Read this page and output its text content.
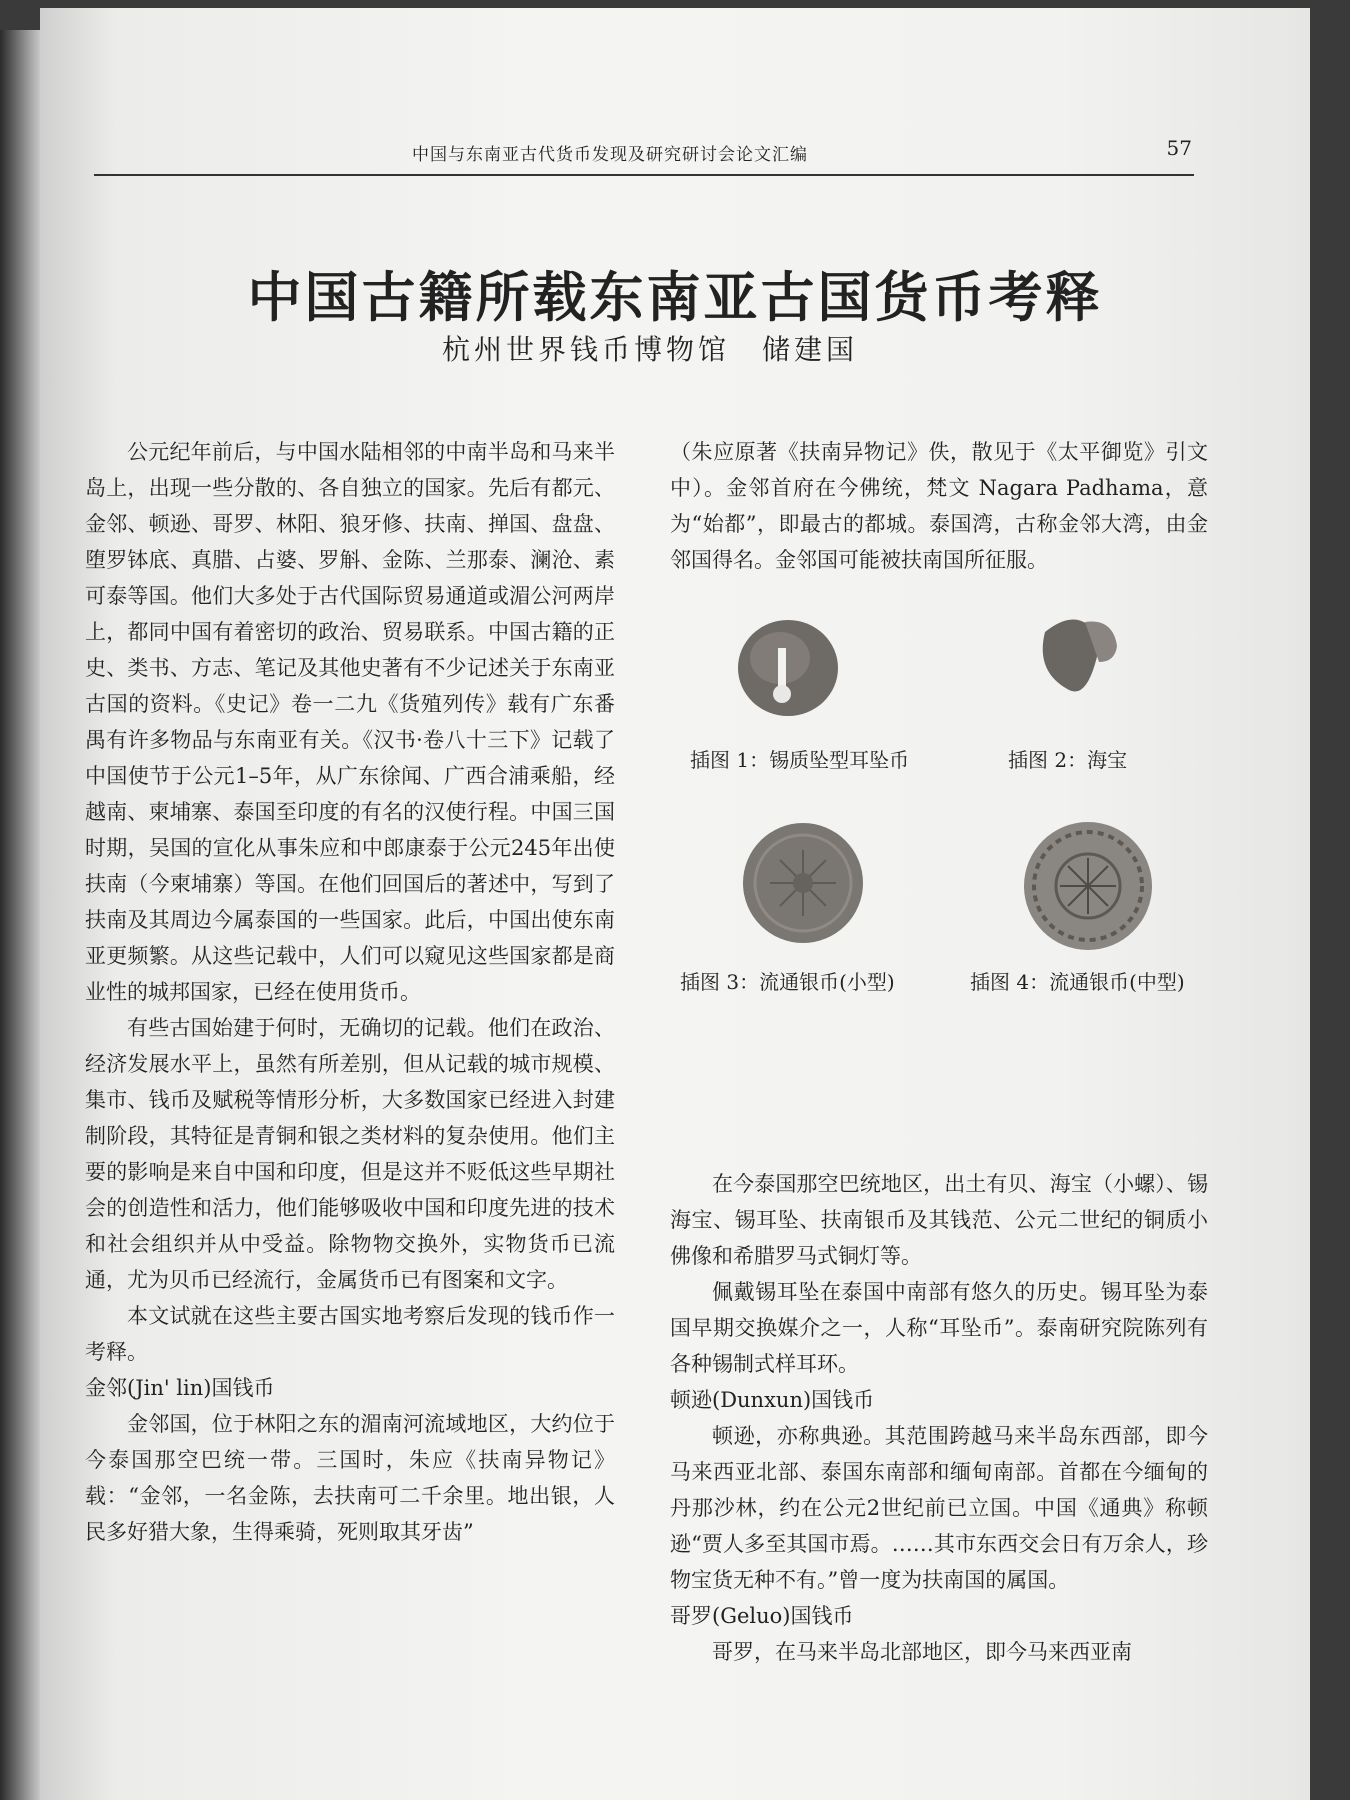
中国与东南亚古代货币发现及研究研讨会论文汇编	57
中国古籍所载东南亚古国货币考释
杭州世界钱币博物馆　储建国

公元纪年前后，与中国水陆相邻的中南半岛和马来半岛上，出现一些分散的、各自独立的国家。先后有都元、金邻、顿逊、哥罗、林阳、狼牙修、扶南、掸国、盘盘、堕罗钵底、真腊、占婆、罗斛、金陈、兰那泰、澜沧、素可泰等国。他们大多处于古代国际贸易通道或湄公河两岸上，都同中国有着密切的政治、贸易联系。中国古籍的正史、类书、方志、笔记及其他史著有不少记述关于东南亚古国的资料。《史记》卷一二九《货殖列传》载有广东番禺有许多物品与东南亚有关。《汉书·卷八十三下》记载了中国使节于公元1–5年，从广东徐闻、广西合浦乘船，经越南、柬埔寨、泰国至印度的有名的汉使行程。中国三国时期，吴国的宣化从事朱应和中郎康泰于公元245年出使扶南（今柬埔寨）等国。在他们回国后的著述中，写到了扶南及其周边今属泰国的一些国家。此后，中国出使东南亚更频繁。从这些记载中，人们可以窥见这些国家都是商业性的城邦国家，已经在使用货币。

有些古国始建于何时，无确切的记载。他们在政治、经济发展水平上，虽然有所差别，但从记载的城市规模、集市、钱币及赋税等情形分析，大多数国家已经进入封建制阶段，其特征是青铜和银之类材料的复杂使用。他们主要的影响是来自中国和印度，但是这并不贬低这些早期社会的创造性和活力，他们能够吸收中国和印度先进的技术和社会组织并从中受益。除物物交换外，实物货币已流通，尤为贝币已经流行，金属货币已有图案和文字。

本文试就在这些主要古国实地考察后发现的钱币作一考释。

金邻(Jin' lin)国钱币

金邻国，位于林阳之东的湄南河流域地区，大约位于今泰国那空巴统一带。三国时，朱应《扶南异物记》载：“金邻，一名金陈，去扶南可二千余里。地出银，人民多好猎大象，生得乘骑，死则取其牙齿”

（朱应原著《扶南异物记》佚，散见于《太平御览》引文中）。金邻首府在今佛统，梵文 Nagara Padhama，意为“始都”，即最古的都城。泰国湾，古称金邻大湾，由金邻国得名。金邻国可能被扶南国所征服。

插图 1：锡质坠型耳坠币	插图 2：海宝
插图 3：流通银币(小型)	插图 4：流通银币(中型)

在今泰国那空巴统地区，出土有贝、海宝（小螺）、锡海宝、锡耳坠、扶南银币及其钱范、公元二世纪的铜质小佛像和希腊罗马式铜灯等。

佩戴锡耳坠在泰国中南部有悠久的历史。锡耳坠为泰国早期交换媒介之一，人称“耳坠币”。泰南研究院陈列有各种锡制式样耳环。

顿逊(Dunxun)国钱币

顿逊，亦称典逊。其范围跨越马来半岛东西部，即今马来西亚北部、泰国东南部和缅甸南部。首都在今缅甸的丹那沙林，约在公元2世纪前已立国。中国《通典》称顿逊“贾人多至其国市焉。……其市东西交会日有万余人，珍物宝货无种不有。”曾一度为扶南国的属国。

哥罗(Geluo)国钱币

哥罗，在马来半岛北部地区，即今马来西亚南
